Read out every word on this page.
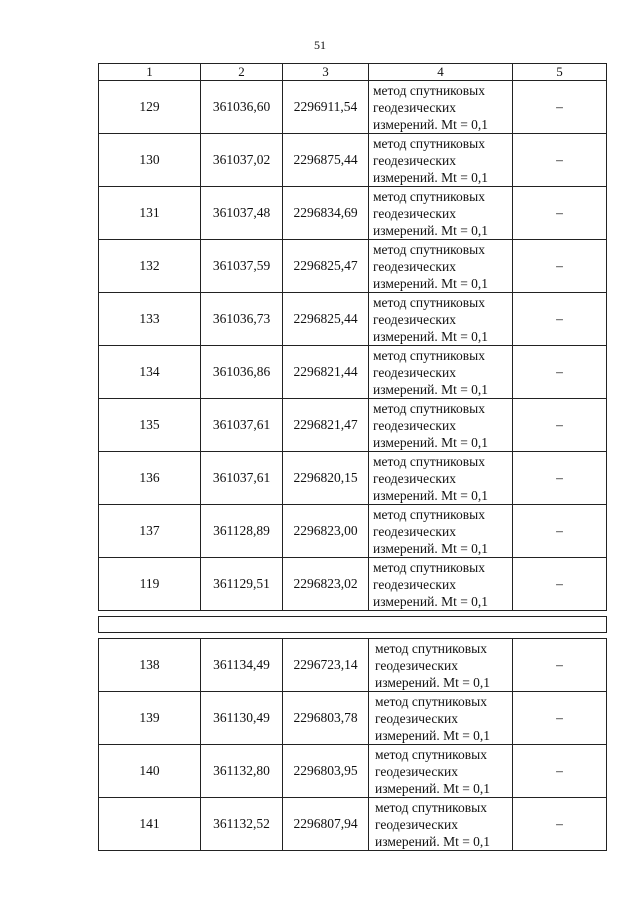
51
1	2	3	4	5
129	361036,60	2296911,54	метод спутниковых
геодезических
измерений. Mt = 0,1	–
130	361037,02	2296875,44	метод спутниковых
геодезических
измерений. Mt = 0,1	–
131	361037,48	2296834,69	метод спутниковых
геодезических
измерений. Mt = 0,1	–
132	361037,59	2296825,47	метод спутниковых
геодезических
измерений. Mt = 0,1	–
133	361036,73	2296825,44	метод спутниковых
геодезических
измерений. Mt = 0,1	–
134	361036,86	2296821,44	метод спутниковых
геодезических
измерений. Mt = 0,1	–
135	361037,61	2296821,47	метод спутниковых
геодезических
измерений. Mt = 0,1	–
136	361037,61	2296820,15	метод спутниковых
геодезических
измерений. Mt = 0,1	–
137	361128,89	2296823,00	метод спутниковых
геодезических
измерений. Mt = 0,1	–
119	361129,51	2296823,02	метод спутниковых
геодезических
измерений. Mt = 0,1	–

138	361134,49	2296723,14	метод спутниковых
геодезических
измерений. Mt = 0,1	–
139	361130,49	2296803,78	метод спутниковых
геодезических
измерений. Mt = 0,1	–
140	361132,80	2296803,95	метод спутниковых
геодезических
измерений. Mt = 0,1	–
141	361132,52	2296807,94	метод спутниковых
геодезических
измерений. Mt = 0,1	–
